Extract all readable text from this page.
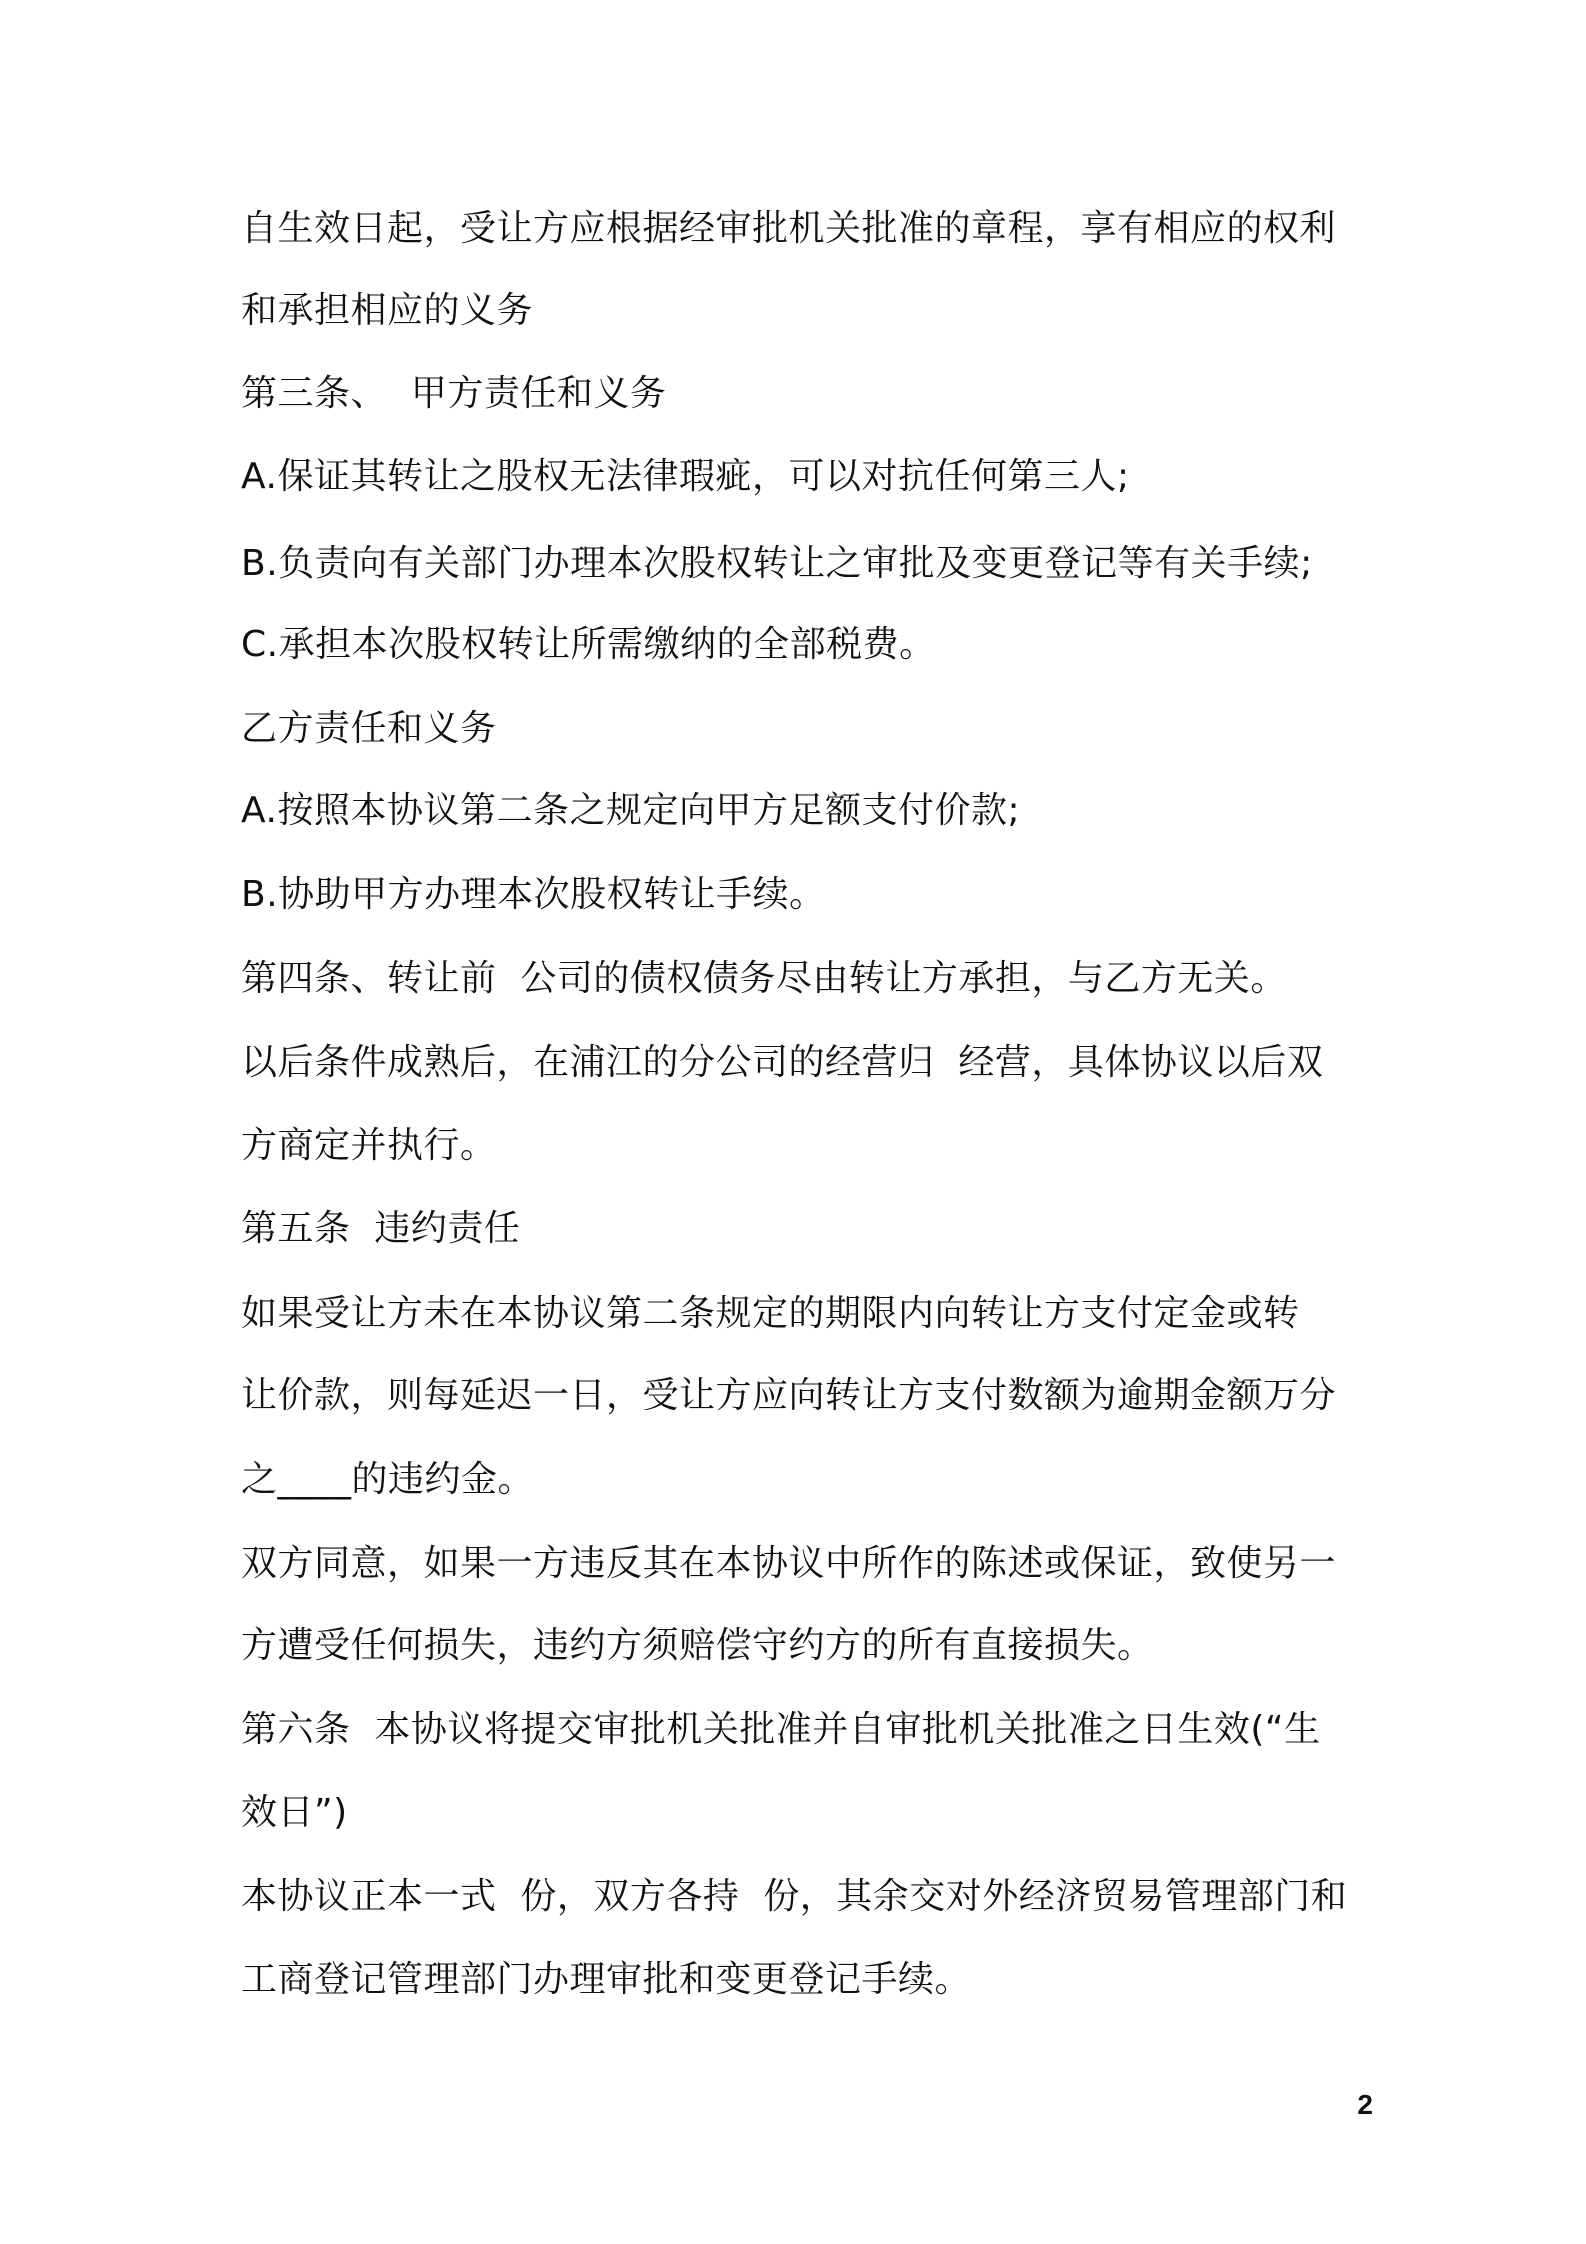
自生效日起，受让方应根据经审批机关批准的章程，享有相应的权利
和承担相应的义务
第三条、  甲方责任和义务
A.保证其转让之股权无法律瑕疵，可以对抗任何第三人;
B.负责向有关部门办理本次股权转让之审批及变更登记等有关手续;
C.承担本次股权转让所需缴纳的全部税费。
乙方责任和义务
A.按照本协议第二条之规定向甲方足额支付价款;
B.协助甲方办理本次股权转让手续。
第四条、转让前  公司的债权债务尽由转让方承担，与乙方无关。
以后条件成熟后，在浦江的分公司的经营归  经营，具体协议以后双
方商定并执行。
第五条  违约责任
如果受让方未在本协议第二条规定的期限内向转让方支付定金或转
让价款，则每延迟一日，受让方应向转让方支付数额为逾期金额万分
之____的违约金。
双方同意，如果一方违反其在本协议中所作的陈述或保证，致使另一
方遭受任何损失，违约方须赔偿守约方的所有直接损失。
第六条  本协议将提交审批机关批准并自审批机关批准之日生效(“生
效日”)
本协议正本一式  份，双方各持  份，其余交对外经济贸易管理部门和
工商登记管理部门办理审批和变更登记手续。
2
